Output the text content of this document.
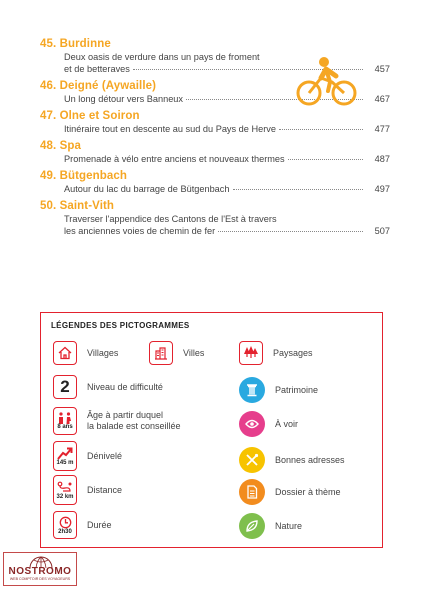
45. Burdinne
Deux oasis de verdure dans un pays de froment
et de betteraves	457
46. Deigné (Aywaille)
Un long détour vers Banneux	467
47. Olne et Soiron
Itinéraire tout en descente au sud du Pays de Herve	477
48. Spa
Promenade à vélo entre anciens et nouveaux thermes	487
49. Bütgenbach
Autour du lac du barrage de Bütgenbach	497
50. Saint-Vith
Traverser l'appendice des Cantons de l'Est à travers
les anciennes voies de chemin de fer	507
LÉGENDES DES PICTOGRAMMES
Villages	Villes	Paysages
2 Niveau de difficulté
8 ans
Âge à partir duquel
la balade est conseillée
145 m
Dénivelé
32 km
Distance
2h30
Durée
Patrimoine
À voir
Bonnes adresses
Dossier à thème
Nature
NOSTROMO
WEB COMPTOIR DES VOYAGEURS
